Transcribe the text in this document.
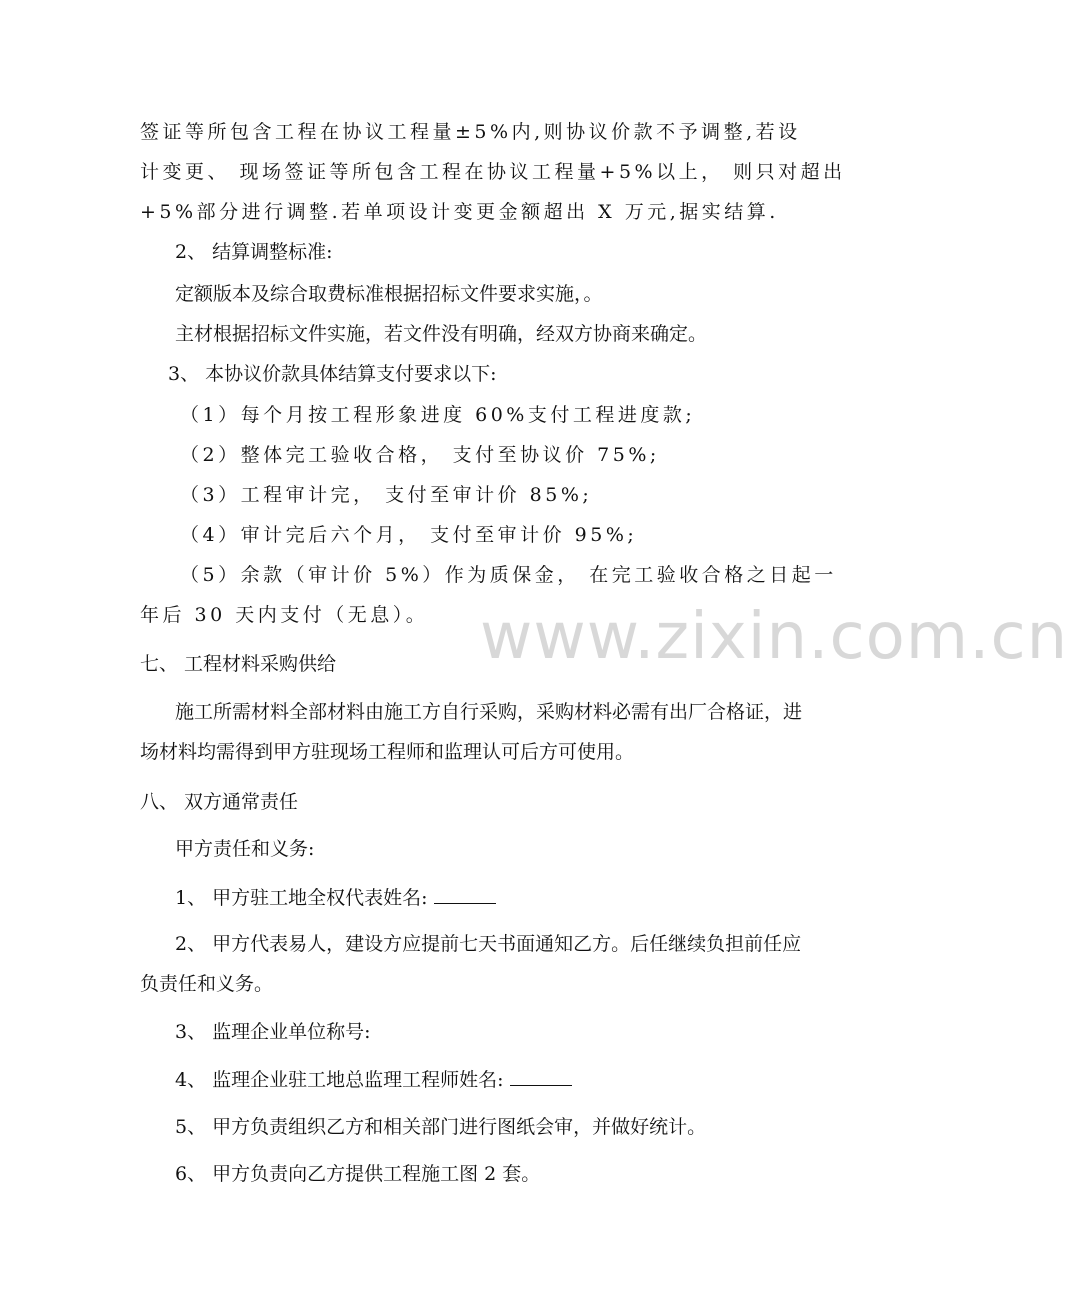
签证等所包含工程在协议工程量±5%内,则协议价款不予调整,若设
计变更、 现场签证等所包含工程在协议工程量+5%以上， 则只对超出
+5%部分进行调整.若单项设计变更金额超出 X 万元,据实结算.
2、 结算调整标准:
定额版本及综合取费标准根据招标文件要求实施，。
主材根据招标文件实施，若文件没有明确，经双方协商来确定。
3、 本协议价款具体结算支付要求以下:
（1）每个月按工程形象进度 60%支付工程进度款;
（2）整体完工验收合格， 支付至协议价 75%;
（3）工程审计完， 支付至审计价 85%;
（4）审计完后六个月， 支付至审计价 95%;
（5）余款（审计价 5%）作为质保金， 在完工验收合格之日起一
年后 30 天内支付（无息）。
七、 工程材料采购供给
施工所需材料全部材料由施工方自行采购，采购材料必需有出厂合格证，进
场材料均需得到甲方驻现场工程师和监理认可后方可使用。
八、 双方通常责任
甲方责任和义务:
1、 甲方驻工地全权代表姓名:
2、 甲方代表易人，建设方应提前七天书面通知乙方。后任继续负担前任应
负责任和义务。
3、 监理企业单位称号:
4、 监理企业驻工地总监理工程师姓名:
5、 甲方负责组织乙方和相关部门进行图纸会审，并做好统计。
6、 甲方负责向乙方提供工程施工图 2 套。
www.zixin.com.cn
